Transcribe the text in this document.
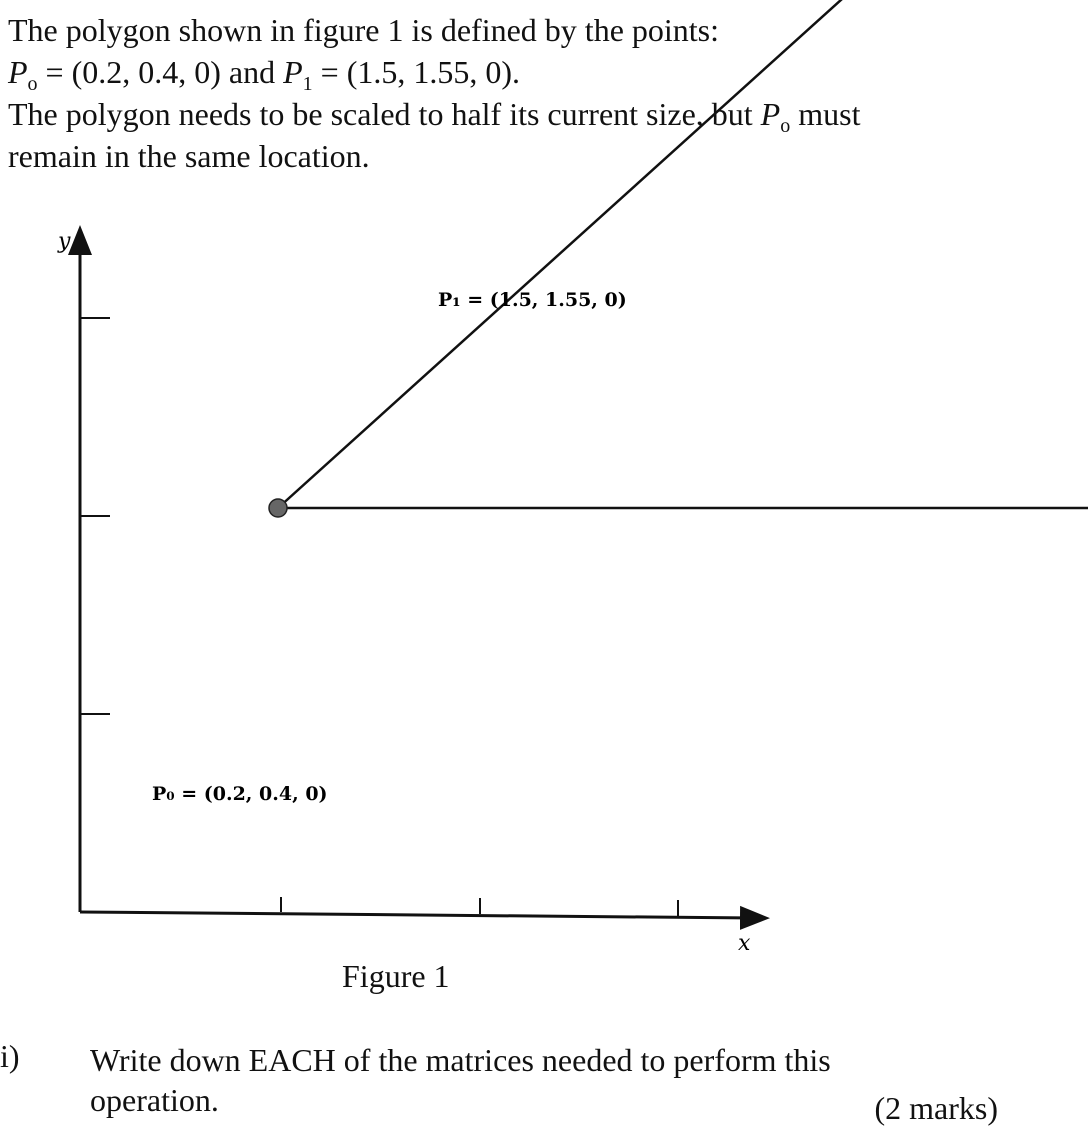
The polygon shown in figure 1 is defined by the points:
$P_o = (0.2$, 0.4, 0) and $P_1 = (1.5$, 1.55, 0).
The polygon needs to be scaled to half its current size, but $P_o$ must
remain in the same location.
y
x
P₀ = (0.2, 0.4, 0)
P₁ = (1.5, 1.55, 0)
Figure 1
i) Write down EACH of the matrices needed to perform this
operation.	(2 marks)
